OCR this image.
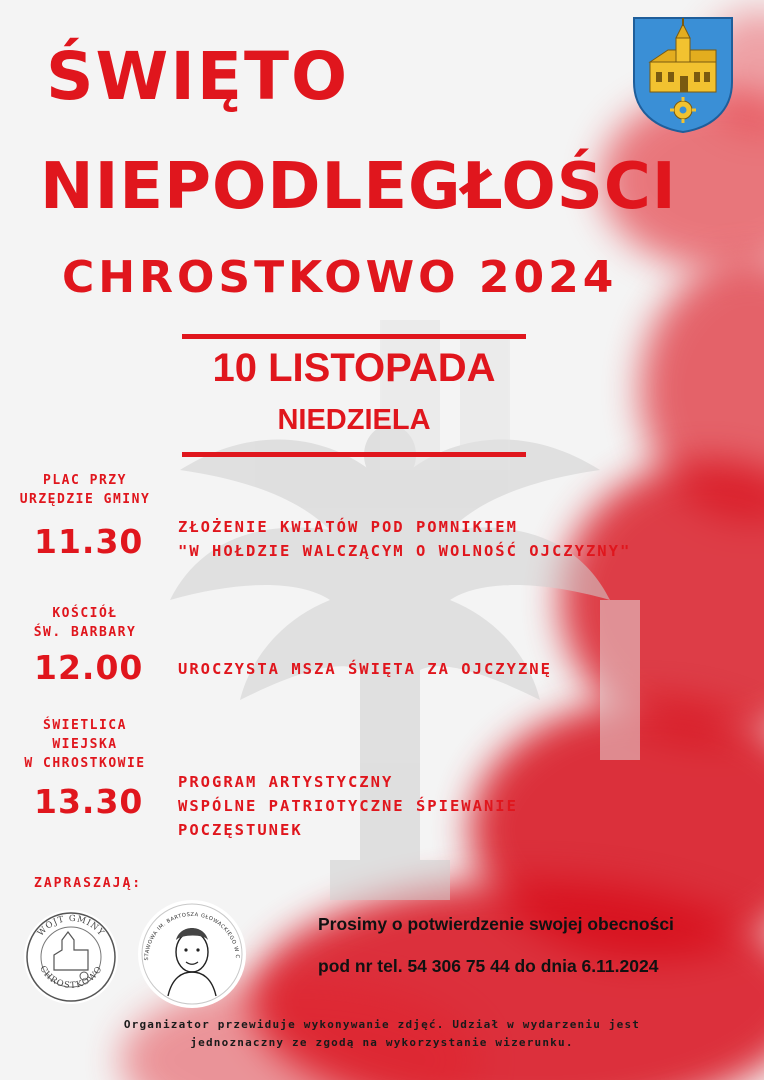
ŚWIĘTO
NIEPODLEGŁOŚCI
CHROSTKOWO 2024
10 LISTOPADA
NIEDZIELA
PLAC PRZY
URZĘDZIE GMINY
11.30 ZŁOŻENIE KWIATÓW POD POMNIKIEM
"W HOŁDZIE WALCZĄCYM O WOLNOŚĆ OJCZYZNY"
KOŚCIÓŁ
ŚW. BARBARY
12.00 UROCZYSTA MSZA ŚWIĘTA ZA OJCZYZNĘ
ŚWIETLICA
WIEJSKA
W CHROSTKOWIE
13.30 PROGRAM ARTYSTYCZNY
WSPÓLNE PATRIOTYCZNE ŚPIEWANIE
POCZĘSTUNEK
ZAPRASZAJĄ:
WÓJT GMINY
CHROSTKOWO
STAWOWA IM. BARTOSZA GŁOWACKIEGO W C
Prosimy o potwierdzenie swojej obecności
pod nr tel. 54 306 75 44 do dnia 6.11.2024
Organizator przewiduje wykonywanie zdjęć. Udział w wydarzeniu jest
jednoznaczny ze zgodą na wykorzystanie wizerunku.
